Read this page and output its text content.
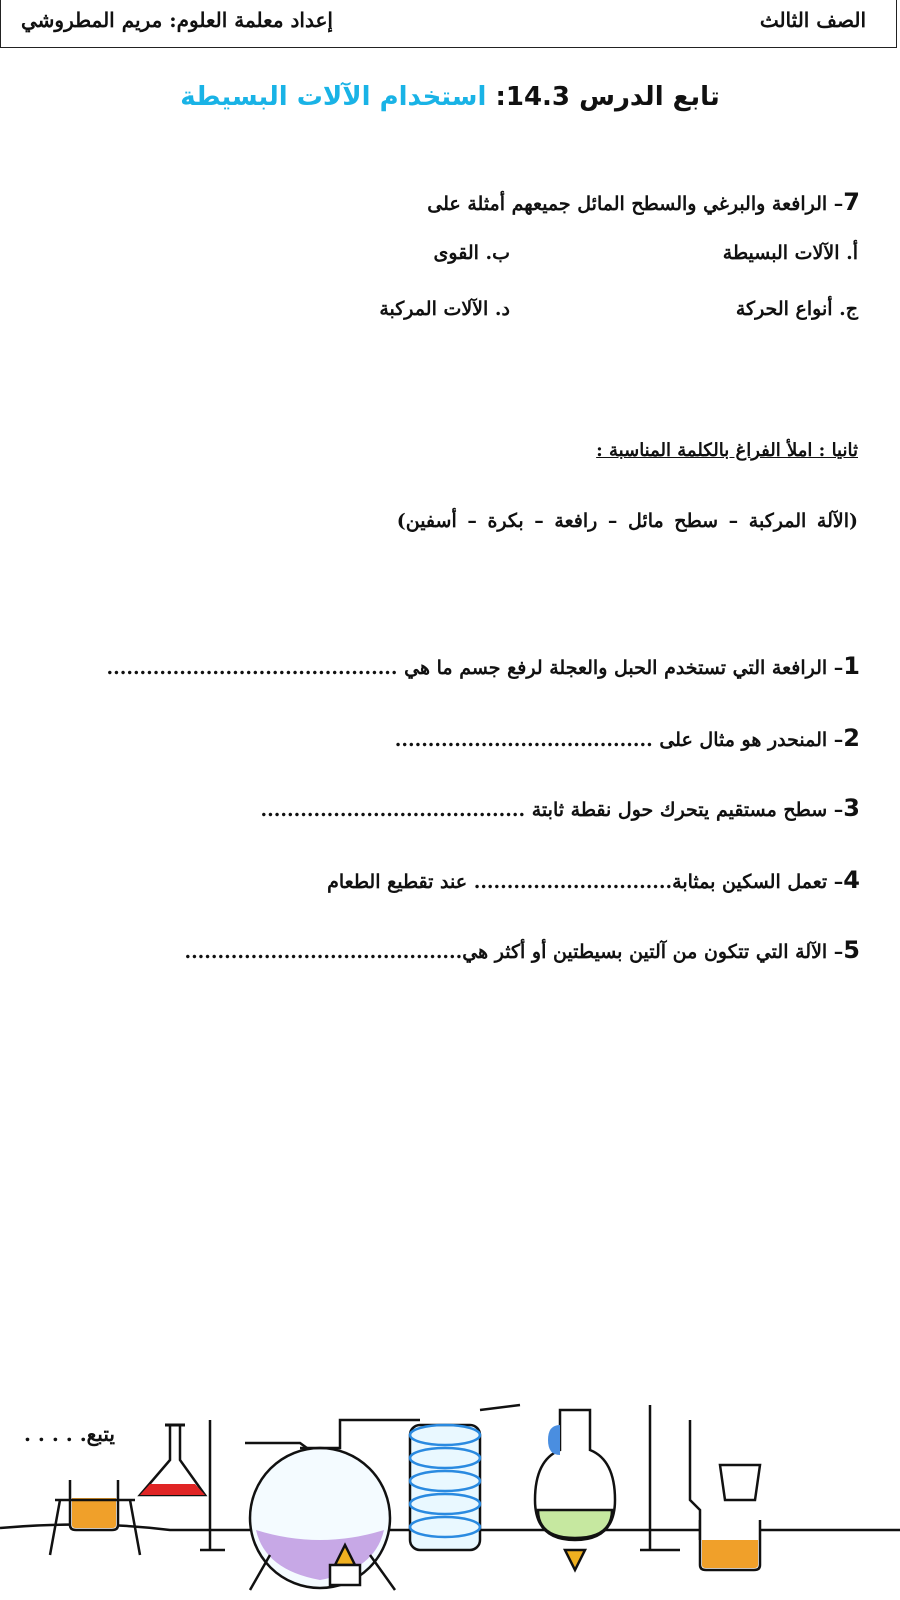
الصف الثالث
إعداد معلمة العلوم: مريم المطروشي
تابع الدرس 14.3: استخدام الآلات البسيطة
7– الرافعة والبرغي والسطح المائل جميعهم أمثلة على
أ. الآلات البسيطة
ب. القوى
ج. أنواع الحركة
د. الآلات المركبة
ثانيا : املأ الفراغ بالكلمة المناسبة :
(الآلة المركبة – سطح مائل – رافعة – بكرة – أسفين)
1– الرافعة التي تستخدم الحبل والعجلة لرفع جسم ما هي ............................................
2– المنحدر هو مثال على .......................................
3– سطح مستقيم يتحرك حول نقطة ثابتة ........................................
4– تعمل السكين بمثابة.............................. عند تقطيع الطعام
5– الآلة التي تتكون من آلتين بسيطتين أو أكثر هي..........................................
يتبع. . . . .
